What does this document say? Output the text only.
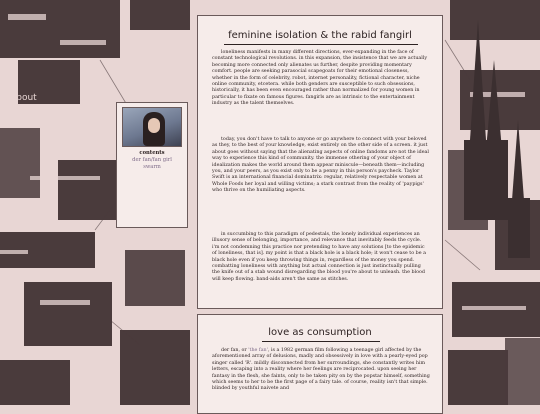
k About
contents
der fan/fan girl
swarm
feminine isolation & the rabid fangirl

loneliness manifests in many different directions, ever-expanding in the face of constant technological revolutions. in this expansion, the insistence that we are actually becoming more connected only alienates us further, despite providing momentary comfort. people are seeking parasocial scapegoats for their emotional closeness, whether in the form of celebrity, robot, internet personality, fictional character, niche online community, etcetera. while both genders are susceptible to such obsessions, historically, it has been even encouraged rather than normalized for young women in particular to fixate on famous figures. fangirls are as intrinsic to the entertainment industry as the talent themselves.

today, you don't have to talk to anyone or go anywhere to connect with your beloved as they, to the best of your knowledge, exist entirely on the other side of a screen. it just about goes without saying that the alienating aspects of online fandoms are not the ideal way to experience this kind of community. the immense othering of your object of idealization makes the world around them appear miniscule—beneath them—including you, and your peers, as you exist only to be a penny in this person's paycheck. Taylor Swift is an international financial dominatrix: regular, relatively respectable women at Whole Foods her loyal and willing victims; a stark contrast from the reality of 'paypigs' who thrive on the humiliating aspects.

in succumbing to this paradigm of pedestals, the lonely individual experiences an illusory sense of belonging, importance, and relevance that inevitably feeds the cycle. i'm not condemning this practice nor pretending to have any solutions [to the epidemic of loneliness, that is]. my point is that a black hole is a black hole; it won't cease to be a black hole even if you keep throwing things in, regardless of the money you spend. combatting loneliness with anything but actual connection is just instinctually pulling the knife out of a stab wound disregarding the blood you're about to unleash. the blood will keep flowing. band-aids aren't the same as stitches.

love as consumption

der fan, or 'the fan', is a 1982 german film following a teenage girl affected by the aforementioned array of delusions, madly and obsessively in love with a pearly-eyed pop singer called 'R'. mildly disconnected from her surroundings, she constantly writes him letters, escaping into a reality where her feelings are reciprocated. upon seeing her fantasy in the flesh, she faints, only to be taken pity on by the popstar himself, something which seems to her to be the first page of a fairy tale. of course, reality isn't that simple. blinded by youthful naivete and
